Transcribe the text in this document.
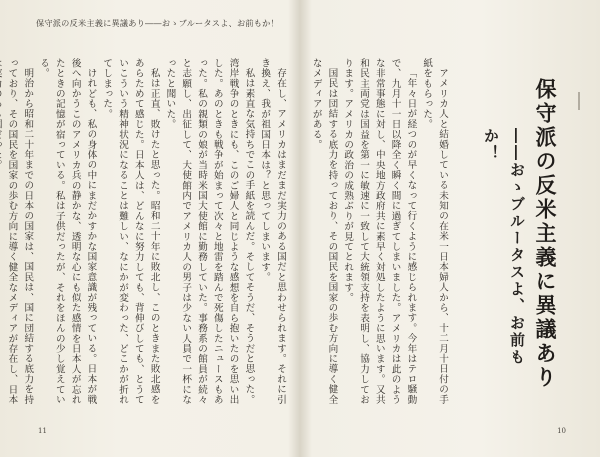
保守派の反米主義に異議あり――おゝブルータスよ、お前もか！

存在し、アメリカはまだまだ実力のある国だと思わせられます。それに引き換え、我が祖国日本は？と思ってしまいます。

私は素直な気持ちでこの手紙を読んだ。そしてそうだ、そうだと思った。湾岸戦争のときにも、このご婦人と同じような感想を自ら抱いたのを思い出した。あのときも戦争が始まって次々と地雷を踏んで死傷したニュースもあった。私の親類の娘が当時米国大使館に勤務していた。事務系の館員が続々と志願し、出征して、大使館内でアメリカ人の男子は少ない人員で一杯になったと聞いた。

私は正直、敗けたと思った。昭和二十年に敗北し、このときまた敗北感をあらためて感じた。日本人は、どんなに努力しても、背伸びしても、とうていこういう精神状況になることは難しい、なにかが変わった、どこかが折れてしまった。

けれども、私の身体の中にまだかすかな国家意識が残っている。日本が戦後へ向かうこのアメリカ兵の静かな、透明な心にも似た感情を日本人が忘れたときの記憶が宿っている。私は子供だったが、それをほんの少し覚えている。

明治から昭和二十年までの日本の国家は、国民は、国に団結する底力を持っており、その国民を国家の歩む方向に導く健全なメディアが存在し、日本

11
保守派の反米主義に異議あり
――おゝブルータスよ、お前もか！

アメリカ人と結婚している未知の在米一日本婦人から、十二月十日付の手紙をもらった。

「年々日が経つのが早くなって行くように感じられます。今年はテロ騒動で、九月十一日以降全く瞬く間に過ぎてしまいました。アメリカは此のような非常事態に対し、中央地方政府共に素早く対処したように思います。又共和民主両党は国益を第一に敏速に一致して大統領支持を表明し、協力しております。アメリカの政治の成熟ぶりが見てとれます。

国民は団結する底力を持っており、その国民を国家の歩む方向に導く健全なメディアがある。

10
